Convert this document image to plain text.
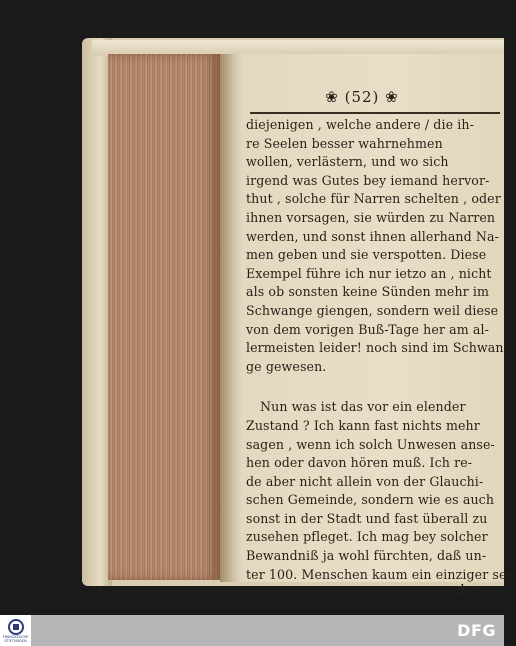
❀ (52) ❀
diejenigen , welche andere / die ih-
re Seelen besser wahrnehmen
wollen, verlästern, und wo sich
irgend was Gutes bey iemand hervor-
thut , solche für Narren schelten , oder
ihnen vorsagen, sie würden zu Narren
werden, und sonst ihnen allerhand Na-
men geben und sie verspotten. Diese
Exempel führe ich nur ietzo an , nicht
als ob sonsten keine Sünden mehr im
Schwange giengen, sondern weil diese
von dem vorigen Buß-Tage her am al-
lermeisten leider! noch sind im Schwan-
ge gewesen.
Nun was ist das vor ein elender
Zustand ? Ich kann fast nichts mehr
sagen , wenn ich solch Unwesen anse-
hen oder davon hören muß. Ich re-
de aber nicht allein von der Glauchi-
schen Gemeinde, sondern wie es auch
sonst in der Stadt und fast überall zu
zusehen pfleget. Ich mag bey solcher
Bewandniß ja wohl fürchten, daß un-
ter 100. Menschen kaum ein einziger sey,
der
FRANCKESCHE STIFTUNGEN
DFG
